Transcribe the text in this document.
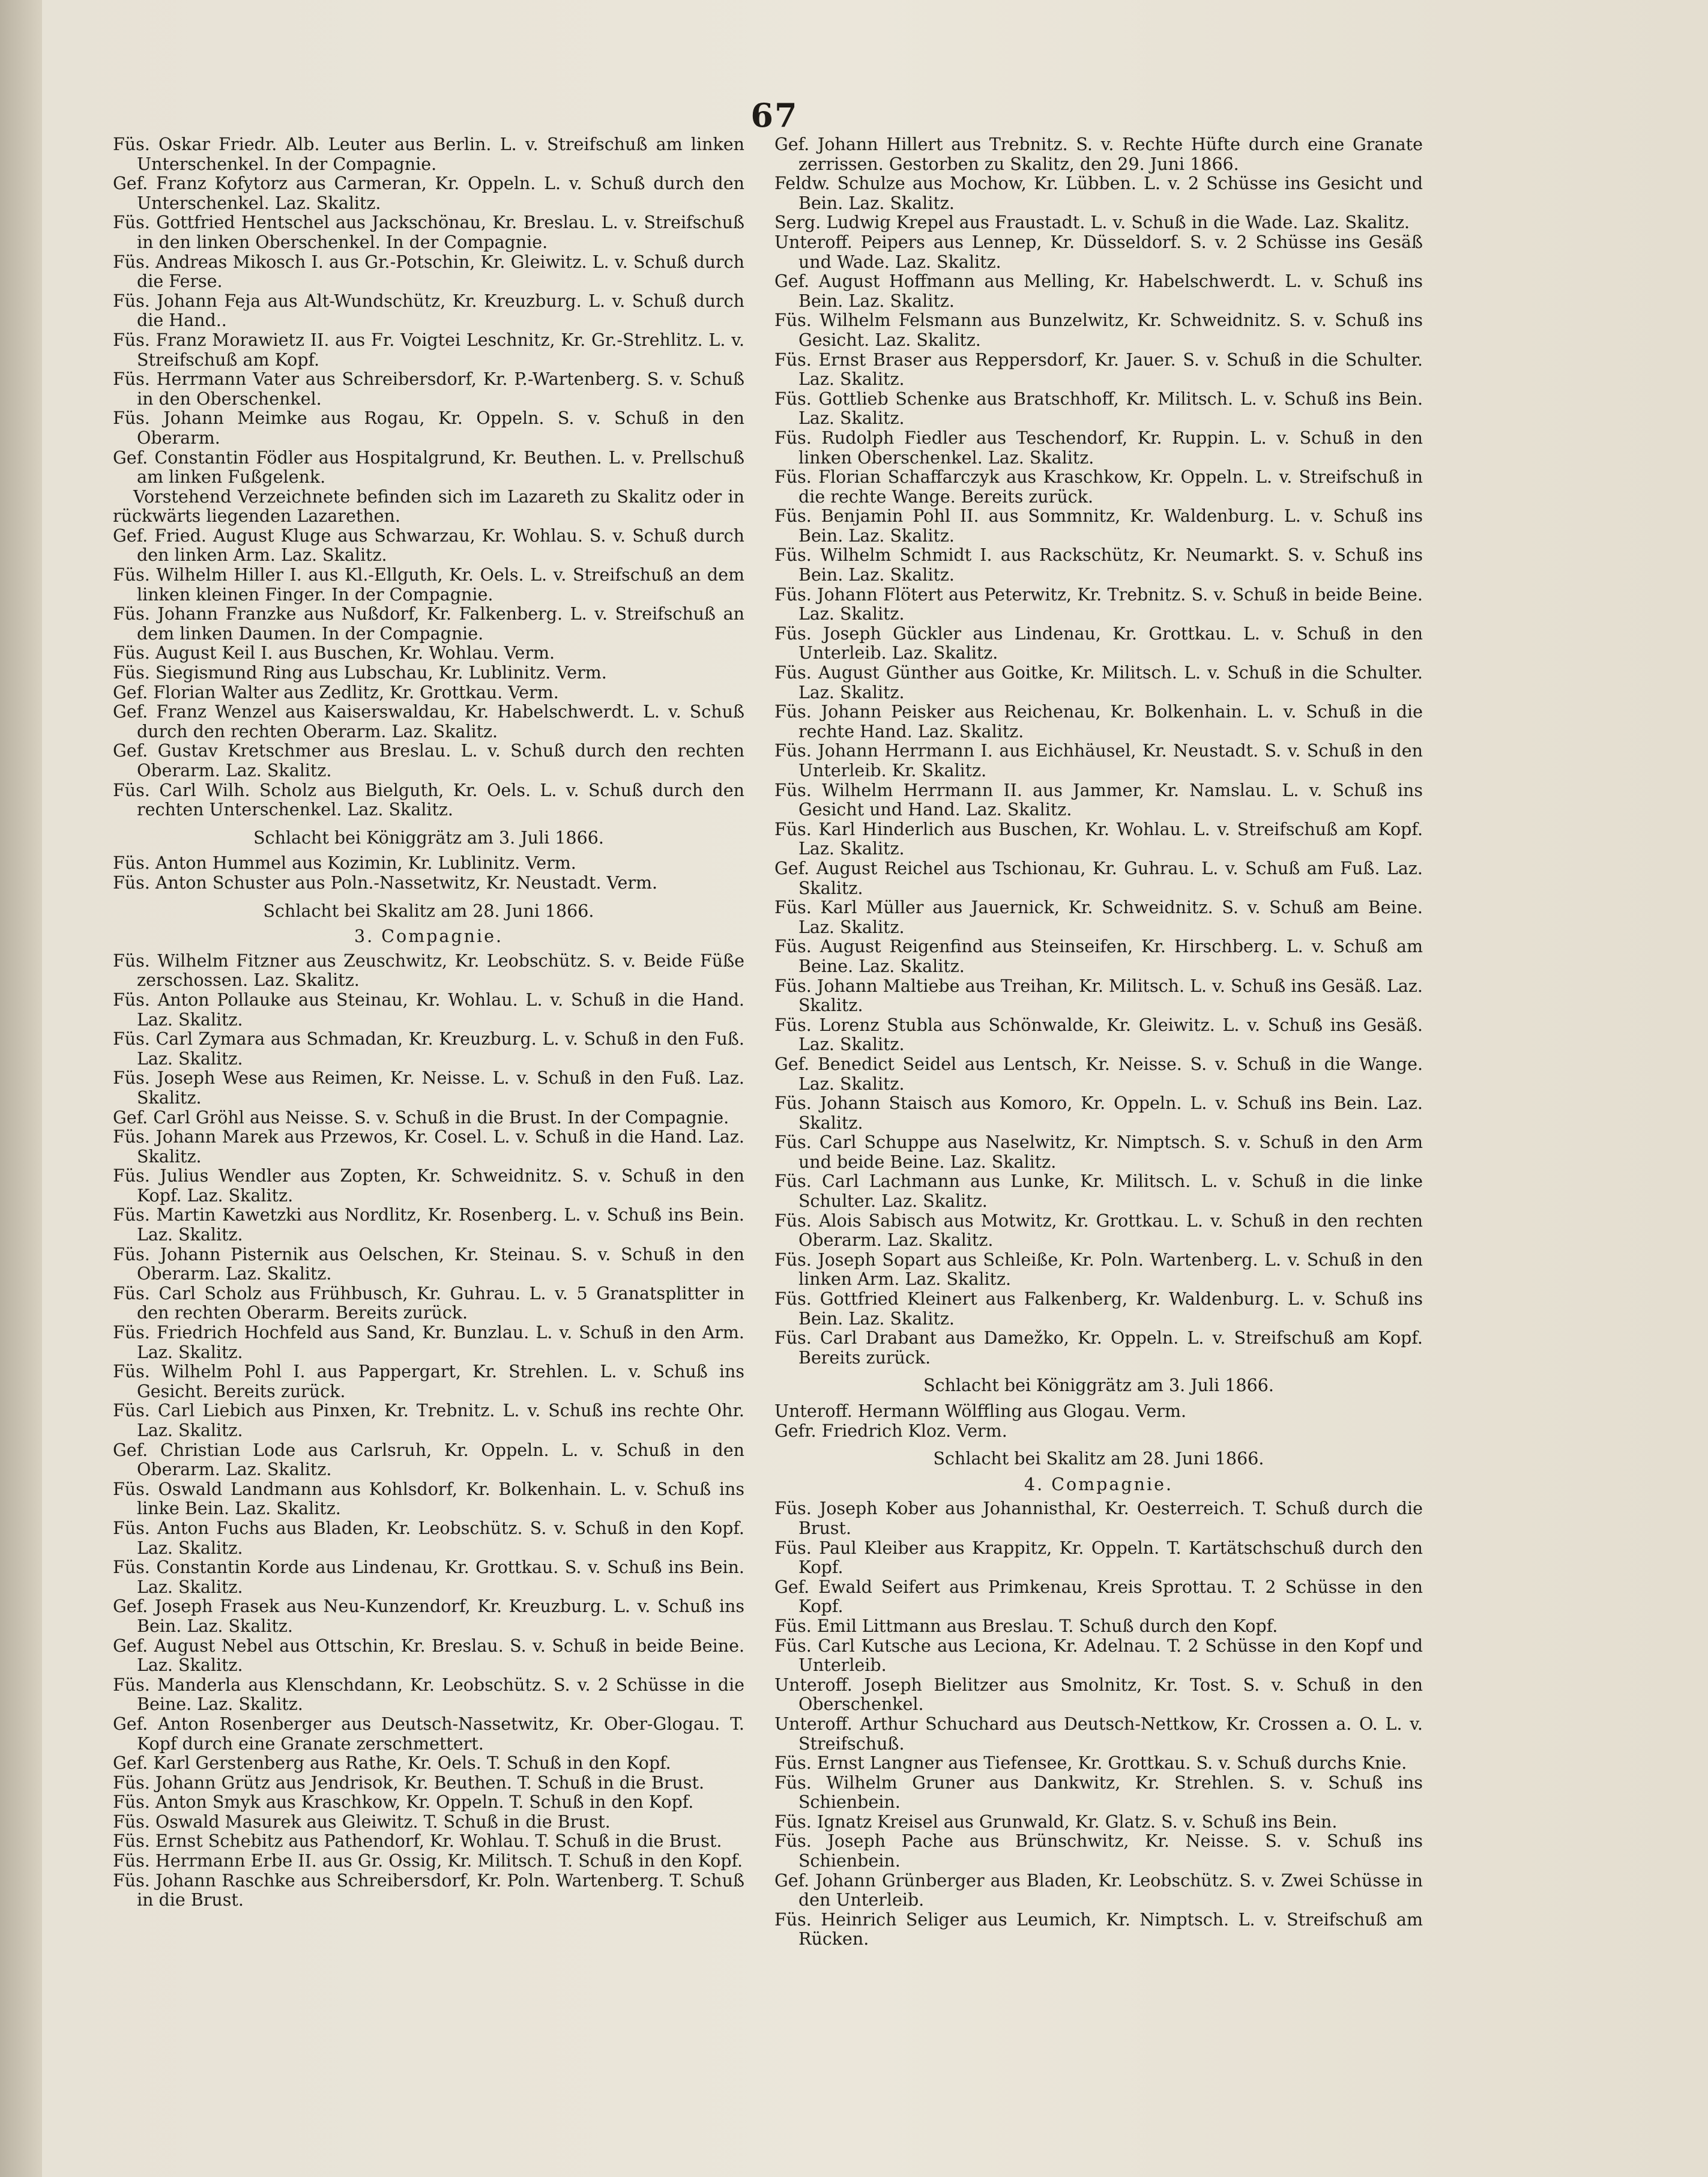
67

Füs. Oskar Friedr. Alb. Leuter aus Berlin. L. v. Streifschuß am linken Unterschenkel. In der Compagnie.

Gef. Franz Kofytorz aus Carmeran, Kr. Oppeln. L. v. Schuß durch den Unterschenkel. Laz. Skalitz.

Füs. Gottfried Hentschel aus Jackschönau, Kr. Breslau. L. v. Streifschuß in den linken Oberschenkel. In der Compagnie.

Füs. Andreas Mikosch I. aus Gr.-Potschin, Kr. Gleiwitz. L. v. Schuß durch die Ferse.

Füs. Johann Feja aus Alt-Wundschütz, Kr. Kreuzburg. L. v. Schuß durch die Hand..

Füs. Franz Morawietz II. aus Fr. Voigtei Leschnitz, Kr. Gr.-Strehlitz. L. v. Streifschuß am Kopf.

Füs. Herrmann Vater aus Schreibersdorf, Kr. P.-Wartenberg. S. v. Schuß in den Oberschenkel.

Füs. Johann Meimke aus Rogau, Kr. Oppeln. S. v. Schuß in den Oberarm.

Gef. Constantin Födler aus Hospitalgrund, Kr. Beuthen. L. v. Prellschuß am linken Fußgelenk.

Vorstehend Verzeichnete befinden sich im Lazareth zu Skalitz oder in rückwärts liegenden Lazarethen.

Gef. Fried. August Kluge aus Schwarzau, Kr. Wohlau. S. v. Schuß durch den linken Arm. Laz. Skalitz.

Füs. Wilhelm Hiller I. aus Kl.-Ellguth, Kr. Oels. L. v. Streifschuß an dem linken kleinen Finger. In der Compagnie.

Füs. Johann Franzke aus Nußdorf, Kr. Falkenberg. L. v. Streifschuß an dem linken Daumen. In der Compagnie.

Füs. August Keil I. aus Buschen, Kr. Wohlau. Verm.

Füs. Siegismund Ring aus Lubschau, Kr. Lublinitz. Verm.

Gef. Florian Walter aus Zedlitz, Kr. Grottkau. Verm.

Gef. Franz Wenzel aus Kaiserswaldau, Kr. Habelschwerdt. L. v. Schuß durch den rechten Oberarm. Laz. Skalitz.

Gef. Gustav Kretschmer aus Breslau. L. v. Schuß durch den rechten Oberarm. Laz. Skalitz.

Füs. Carl Wilh. Scholz aus Bielguth, Kr. Oels. L. v. Schuß durch den rechten Unterschenkel. Laz. Skalitz.

Schlacht bei Königgrätz am 3. Juli 1866.

Füs. Anton Hummel aus Kozimin, Kr. Lublinitz. Verm.

Füs. Anton Schuster aus Poln.-Nassetwitz, Kr. Neustadt. Verm.

Schlacht bei Skalitz am 28. Juni 1866.

3. Compagnie.

Füs. Wilhelm Fitzner aus Zeuschwitz, Kr. Leobschütz. S. v. Beide Füße zerschossen. Laz. Skalitz.

Füs. Anton Pollauke aus Steinau, Kr. Wohlau. L. v. Schuß in die Hand. Laz. Skalitz.

Füs. Carl Zymara aus Schmadan, Kr. Kreuzburg. L. v. Schuß in den Fuß. Laz. Skalitz.

Füs. Joseph Wese aus Reimen, Kr. Neisse. L. v. Schuß in den Fuß. Laz. Skalitz.

Gef. Carl Gröhl aus Neisse. S. v. Schuß in die Brust. In der Compagnie.

Füs. Johann Marek aus Przewos, Kr. Cosel. L. v. Schuß in die Hand. Laz. Skalitz.

Füs. Julius Wendler aus Zopten, Kr. Schweidnitz. S. v. Schuß in den Kopf. Laz. Skalitz.

Füs. Martin Kawetzki aus Nordlitz, Kr. Rosenberg. L. v. Schuß ins Bein. Laz. Skalitz.

Füs. Johann Pisternik aus Oelschen, Kr. Steinau. S. v. Schuß in den Oberarm. Laz. Skalitz.

Füs. Carl Scholz aus Frühbusch, Kr. Guhrau. L. v. 5 Granatsplitter in den rechten Oberarm. Bereits zurück.

Füs. Friedrich Hochfeld aus Sand, Kr. Bunzlau. L. v. Schuß in den Arm. Laz. Skalitz.

Füs. Wilhelm Pohl I. aus Pappergart, Kr. Strehlen. L. v. Schuß ins Gesicht. Bereits zurück.

Füs. Carl Liebich aus Pinxen, Kr. Trebnitz. L. v. Schuß ins rechte Ohr. Laz. Skalitz.

Gef. Christian Lode aus Carlsruh, Kr. Oppeln. L. v. Schuß in den Oberarm. Laz. Skalitz.

Füs. Oswald Landmann aus Kohlsdorf, Kr. Bolkenhain. L. v. Schuß ins linke Bein. Laz. Skalitz.

Füs. Anton Fuchs aus Bladen, Kr. Leobschütz. S. v. Schuß in den Kopf. Laz. Skalitz.

Füs. Constantin Korde aus Lindenau, Kr. Grottkau. S. v. Schuß ins Bein. Laz. Skalitz.

Gef. Joseph Frasek aus Neu-Kunzendorf, Kr. Kreuzburg. L. v. Schuß ins Bein. Laz. Skalitz.

Gef. August Nebel aus Ottschin, Kr. Breslau. S. v. Schuß in beide Beine. Laz. Skalitz.

Füs. Manderla aus Klenschdann, Kr. Leobschütz. S. v. 2 Schüsse in die Beine. Laz. Skalitz.

Gef. Anton Rosenberger aus Deutsch-Nassetwitz, Kr. Ober-Glogau. T. Kopf durch eine Granate zerschmettert.

Gef. Karl Gerstenberg aus Rathe, Kr. Oels. T. Schuß in den Kopf.

Füs. Johann Grütz aus Jendrisok, Kr. Beuthen. T. Schuß in die Brust.

Füs. Anton Smyk aus Kraschkow, Kr. Oppeln. T. Schuß in den Kopf.

Füs. Oswald Masurek aus Gleiwitz. T. Schuß in die Brust.

Füs. Ernst Schebitz aus Pathendorf, Kr. Wohlau. T. Schuß in die Brust.

Füs. Herrmann Erbe II. aus Gr. Ossig, Kr. Militsch. T. Schuß in den Kopf.

Füs. Johann Raschke aus Schreibersdorf, Kr. Poln. Wartenberg. T. Schuß in die Brust.

Gef. Johann Hillert aus Trebnitz. S. v. Rechte Hüfte durch eine Granate zerrissen. Gestorben zu Skalitz, den 29. Juni 1866.

Feldw. Schulze aus Mochow, Kr. Lübben. L. v. 2 Schüsse ins Gesicht und Bein. Laz. Skalitz.

Serg. Ludwig Krepel aus Fraustadt. L. v. Schuß in die Wade. Laz. Skalitz.

Unteroff. Peipers aus Lennep, Kr. Düsseldorf. S. v. 2 Schüsse ins Gesäß und Wade. Laz. Skalitz.

Gef. August Hoffmann aus Melling, Kr. Habelschwerdt. L. v. Schuß ins Bein. Laz. Skalitz.

Füs. Wilhelm Felsmann aus Bunzelwitz, Kr. Schweidnitz. S. v. Schuß ins Gesicht. Laz. Skalitz.

Füs. Ernst Braser aus Reppersdorf, Kr. Jauer. S. v. Schuß in die Schulter. Laz. Skalitz.

Füs. Gottlieb Schenke aus Bratschhoff, Kr. Militsch. L. v. Schuß ins Bein. Laz. Skalitz.

Füs. Rudolph Fiedler aus Teschendorf, Kr. Ruppin. L. v. Schuß in den linken Oberschenkel. Laz. Skalitz.

Füs. Florian Schaffarczyk aus Kraschkow, Kr. Oppeln. L. v. Streifschuß in die rechte Wange. Bereits zurück.

Füs. Benjamin Pohl II. aus Sommnitz, Kr. Waldenburg. L. v. Schuß ins Bein. Laz. Skalitz.

Füs. Wilhelm Schmidt I. aus Rackschütz, Kr. Neumarkt. S. v. Schuß ins Bein. Laz. Skalitz.

Füs. Johann Flötert aus Peterwitz, Kr. Trebnitz. S. v. Schuß in beide Beine. Laz. Skalitz.

Füs. Joseph Gückler aus Lindenau, Kr. Grottkau. L. v. Schuß in den Unterleib. Laz. Skalitz.

Füs. August Günther aus Goitke, Kr. Militsch. L. v. Schuß in die Schulter. Laz. Skalitz.

Füs. Johann Peisker aus Reichenau, Kr. Bolkenhain. L. v. Schuß in die rechte Hand. Laz. Skalitz.

Füs. Johann Herrmann I. aus Eichhäusel, Kr. Neustadt. S. v. Schuß in den Unterleib. Kr. Skalitz.

Füs. Wilhelm Herrmann II. aus Jammer, Kr. Namslau. L. v. Schuß ins Gesicht und Hand. Laz. Skalitz.

Füs. Karl Hinderlich aus Buschen, Kr. Wohlau. L. v. Streifschuß am Kopf. Laz. Skalitz.

Gef. August Reichel aus Tschionau, Kr. Guhrau. L. v. Schuß am Fuß. Laz. Skalitz.

Füs. Karl Müller aus Jauernick, Kr. Schweidnitz. S. v. Schuß am Beine. Laz. Skalitz.

Füs. August Reigenfind aus Steinseifen, Kr. Hirschberg. L. v. Schuß am Beine. Laz. Skalitz.

Füs. Johann Maltiebe aus Treihan, Kr. Militsch. L. v. Schuß ins Gesäß. Laz. Skalitz.

Füs. Lorenz Stubla aus Schönwalde, Kr. Gleiwitz. L. v. Schuß ins Gesäß. Laz. Skalitz.

Gef. Benedict Seidel aus Lentsch, Kr. Neisse. S. v. Schuß in die Wange. Laz. Skalitz.

Füs. Johann Staisch aus Komoro, Kr. Oppeln. L. v. Schuß ins Bein. Laz. Skalitz.

Füs. Carl Schuppe aus Naselwitz, Kr. Nimptsch. S. v. Schuß in den Arm und beide Beine. Laz. Skalitz.

Füs. Carl Lachmann aus Lunke, Kr. Militsch. L. v. Schuß in die linke Schulter. Laz. Skalitz.

Füs. Alois Sabisch aus Motwitz, Kr. Grottkau. L. v. Schuß in den rechten Oberarm. Laz. Skalitz.

Füs. Joseph Sopart aus Schleiße, Kr. Poln. Wartenberg. L. v. Schuß in den linken Arm. Laz. Skalitz.

Füs. Gottfried Kleinert aus Falkenberg, Kr. Waldenburg. L. v. Schuß ins Bein. Laz. Skalitz.

Füs. Carl Drabant aus Damežko, Kr. Oppeln. L. v. Streifschuß am Kopf. Bereits zurück.

Schlacht bei Königgrätz am 3. Juli 1866.

Unteroff. Hermann Wölffling aus Glogau. Verm.

Gefr. Friedrich Kloz. Verm.

Schlacht bei Skalitz am 28. Juni 1866.

4. Compagnie.

Füs. Joseph Kober aus Johannisthal, Kr. Oesterreich. T. Schuß durch die Brust.

Füs. Paul Kleiber aus Krappitz, Kr. Oppeln. T. Kartätschschuß durch den Kopf.

Gef. Ewald Seifert aus Primkenau, Kreis Sprottau. T. 2 Schüsse in den Kopf.

Füs. Emil Littmann aus Breslau. T. Schuß durch den Kopf.

Füs. Carl Kutsche aus Leciona, Kr. Adelnau. T. 2 Schüsse in den Kopf und Unterleib.

Unteroff. Joseph Bielitzer aus Smolnitz, Kr. Tost. S. v. Schuß in den Oberschenkel.

Unteroff. Arthur Schuchard aus Deutsch-Nettkow, Kr. Crossen a. O. L. v. Streifschuß.

Füs. Ernst Langner aus Tiefensee, Kr. Grottkau. S. v. Schuß durchs Knie.

Füs. Wilhelm Gruner aus Dankwitz, Kr. Strehlen. S. v. Schuß ins Schienbein.

Füs. Ignatz Kreisel aus Grunwald, Kr. Glatz. S. v. Schuß ins Bein.

Füs. Joseph Pache aus Brünschwitz, Kr. Neisse. S. v. Schuß ins Schienbein.

Gef. Johann Grünberger aus Bladen, Kr. Leobschütz. S. v. Zwei Schüsse in den Unterleib.

Füs. Heinrich Seliger aus Leumich, Kr. Nimptsch. L. v. Streifschuß am Rücken.
